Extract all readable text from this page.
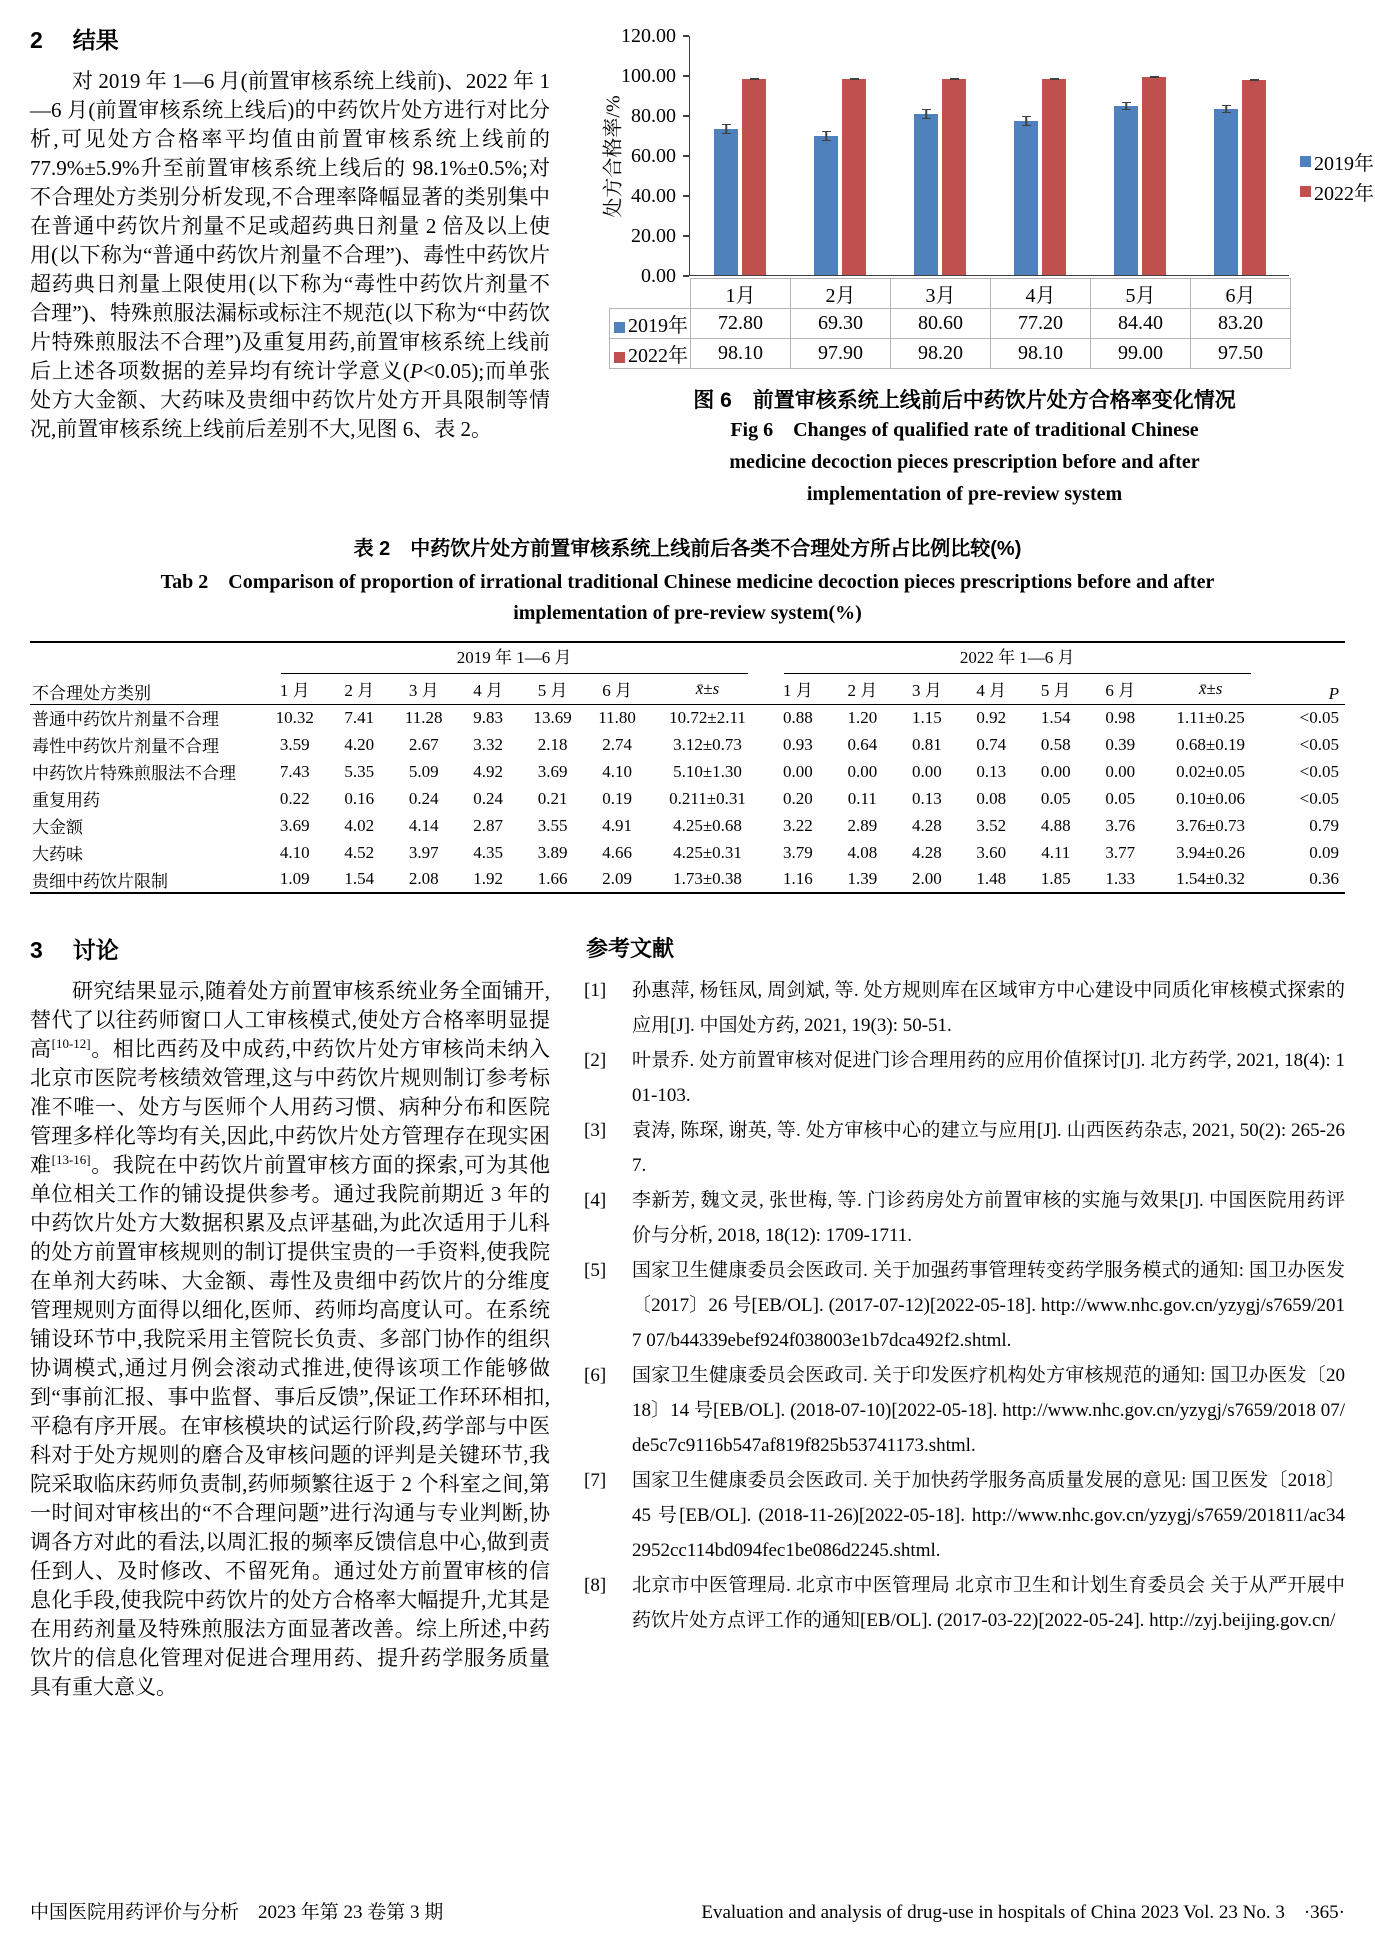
2 结果
对 2019 年 1—6 月(前置审核系统上线前)、2022 年 1—6 月(前置审核系统上线后)的中药饮片处方进行对比分析,可见处方合格率平均值由前置审核系统上线前的 77.9%±5.9%升至前置审核系统上线后的 98.1%±0.5%;对不合理处方类别分析发现,不合理率降幅显著的类别集中在普通中药饮片剂量不足或超药典日剂量 2 倍及以上使用(以下称为“普通中药饮片剂量不合理”)、毒性中药饮片超药典日剂量上限使用(以下称为“毒性中药饮片剂量不合理”)、特殊煎服法漏标或标注不规范(以下称为“中药饮片特殊煎服法不合理”)及重复用药,前置审核系统上线前后上述各项数据的差异均有统计学意义(P<0.05);而单张处方大金额、大药味及贵细中药饮片处方开具限制等情况,前置审核系统上线前后差别不大,见图 6、表 2。
处方合格率/%
120.00
100.00
80.00
60.00
40.00
20.00
0.00
	1月	2月	3月	4月	5月	6月
2019年	72.80	69.30	80.60	77.20	84.40	83.20
2022年	98.10	97.90	98.20	98.10	99.00	97.50
2019年
2022年
图 6　前置审核系统上线前后中药饮片处方合格率变化情况
Fig 6　Changes of qualified rate of traditional Chinese
medicine decoction pieces prescription before and after
implementation of pre-review system
表 2　中药饮片处方前置审核系统上线前后各类不合理处方所占比例比较(%)
Tab 2　Comparison of proportion of irrational traditional Chinese medicine decoction pieces prescriptions before and after
implementation of pre-review system(%)
不合理处方类别	2019 年 1—6 月							2022 年 1—6 月							P
	1 月	2 月	3 月	4 月	5 月	6 月	x̄±s	1 月	2 月	3 月	4 月	5 月	6 月	x̄±s	
普通中药饮片剂量不合理	10.32	7.41	11.28	9.83	13.69	11.80	10.72±2.11	0.88	1.20	1.15	0.92	1.54	0.98	1.11±0.25	<0.05
毒性中药饮片剂量不合理	3.59	4.20	2.67	3.32	2.18	2.74	3.12±0.73	0.93	0.64	0.81	0.74	0.58	0.39	0.68±0.19	<0.05
中药饮片特殊煎服法不合理	7.43	5.35	5.09	4.92	3.69	4.10	5.10±1.30	0.00	0.00	0.00	0.13	0.00	0.00	0.02±0.05	<0.05
重复用药	0.22	0.16	0.24	0.24	0.21	0.19	0.211±0.31	0.20	0.11	0.13	0.08	0.05	0.05	0.10±0.06	<0.05
大金额	3.69	4.02	4.14	2.87	3.55	4.91	4.25±0.68	3.22	2.89	4.28	3.52	4.88	3.76	3.76±0.73	0.79
大药味	4.10	4.52	3.97	4.35	3.89	4.66	4.25±0.31	3.79	4.08	4.28	3.60	4.11	3.77	3.94±0.26	0.09
贵细中药饮片限制	1.09	1.54	2.08	1.92	1.66	2.09	1.73±0.38	1.16	1.39	2.00	1.48	1.85	1.33	1.54±0.32	0.36
3 讨论
研究结果显示,随着处方前置审核系统业务全面铺开,替代了以往药师窗口人工审核模式,使处方合格率明显提高[10-12]。相比西药及中成药,中药饮片处方审核尚未纳入北京市医院考核绩效管理,这与中药饮片规则制订参考标准不唯一、处方与医师个人用药习惯、病种分布和医院管理多样化等均有关,因此,中药饮片处方管理存在现实困难[13-16]。我院在中药饮片前置审核方面的探索,可为其他单位相关工作的铺设提供参考。通过我院前期近 3 年的中药饮片处方大数据积累及点评基础,为此次适用于儿科的处方前置审核规则的制订提供宝贵的一手资料,使我院在单剂大药味、大金额、毒性及贵细中药饮片的分维度管理规则方面得以细化,医师、药师均高度认可。在系统铺设环节中,我院采用主管院长负责、多部门协作的组织协调模式,通过月例会滚动式推进,使得该项工作能够做到“事前汇报、事中监督、事后反馈”,保证工作环环相扣,平稳有序开展。在审核模块的试运行阶段,药学部与中医科对于处方规则的磨合及审核问题的评判是关键环节,我院采取临床药师负责制,药师频繁往返于 2 个科室之间,第一时间对审核出的“不合理问题”进行沟通与专业判断,协调各方对此的看法,以周汇报的频率反馈信息中心,做到责任到人、及时修改、不留死角。通过处方前置审核的信息化手段,使我院中药饮片的处方合格率大幅提升,尤其是在用药剂量及特殊煎服法方面显著改善。综上所述,中药饮片的信息化管理对促进合理用药、提升药学服务质量具有重大意义。
参考文献
[1]	孙惠萍, 杨钰凤, 周剑斌, 等. 处方规则库在区域审方中心建设中同质化审核模式探索的应用[J]. 中国处方药, 2021, 19(3): 50-51.
[2]	叶景乔. 处方前置审核对促进门诊合理用药的应用价值探讨[J]. 北方药学, 2021, 18(4): 101-103.
[3]	袁涛, 陈琛, 谢英, 等. 处方审核中心的建立与应用[J]. 山西医药杂志, 2021, 50(2): 265-267.
[4]	李新芳, 魏文灵, 张世梅, 等. 门诊药房处方前置审核的实施与效果[J]. 中国医院用药评价与分析, 2018, 18(12): 1709-1711.
[5]	国家卫生健康委员会医政司. 关于加强药事管理转变药学服务模式的通知: 国卫办医发〔2017〕26 号[EB/OL]. (2017-07-12)[2022-05-18]. http://www.nhc.gov.cn/yzygj/s7659/2017 07/b44339ebef924f038003e1b7dca492f2.shtml.
[6]	国家卫生健康委员会医政司. 关于印发医疗机构处方审核规范的通知: 国卫办医发〔2018〕14 号[EB/OL]. (2018-07-10)[2022-05-18]. http://www.nhc.gov.cn/yzygj/s7659/2018 07/de5c7c9116b547af819f825b53741173.shtml.
[7]	国家卫生健康委员会医政司. 关于加快药学服务高质量发展的意见: 国卫医发〔2018〕45 号[EB/OL]. (2018-11-26)[2022-05-18]. http://www.nhc.gov.cn/yzygj/s7659/201811/ac342952cc114bd094fec1be086d2245.shtml.
[8]	北京市中医管理局. 北京市中医管理局 北京市卫生和计划生育委员会 关于从严开展中药饮片处方点评工作的通知[EB/OL]. (2017-03-22)[2022-05-24]. http://zyj.beijing.gov.cn/
中国医院用药评价与分析　2023 年第 23 卷第 3 期	Evaluation and analysis of drug-use in hospitals of China 2023 Vol. 23 No. 3　·365·
